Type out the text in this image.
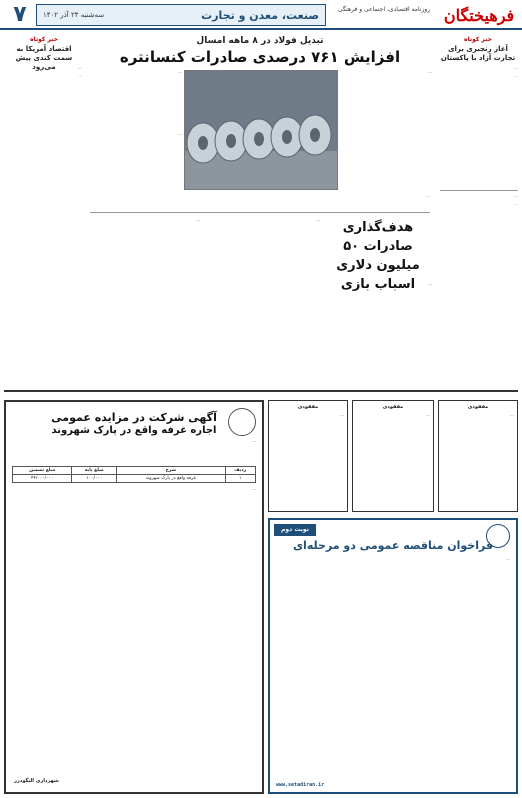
۷	صنعت، معدن و تجارت
سه‌شنبه ۲۴ آذر ۱۴۰۲
روزنامه اقتصادی، اجتماعی و فرهنگی فرهیختگان
خبر کوتاه
آغاز رنجبری برای تجارت آزاد با پاکستان

...

..

...

..

خبر کوتاه
اقتصاد آمریکا به سمت کندی پیش می‌رود	...

..

تبدیل فولاد در ۸ ماهه امسال
افزایش ۷۶۱ درصدی صادرات کنسانتره

...

...

...

...

هدف‌گذاری صادرات ۵۰ میلیون دلاری اسباب بازی	...

...	...

مفقودی

...

مفقودی

...

مفقودی

...

نوبت دوم
فراخوان مناقصه عمومی دو مرحله‌ای

...

www.setadiran.ir
آگهی شرکت در مزایده عمومی
اجاره غرفه واقع در پارک شهروند

...

ردیف	شرح	مبلغ پایه	مبلغ تضمین
۱	غرفه واقع در پارک شهروند	۱۰۰/۰۰۰	۴۴/۰۰۰/۰۰۰

...

شهرداری الیگودرز
